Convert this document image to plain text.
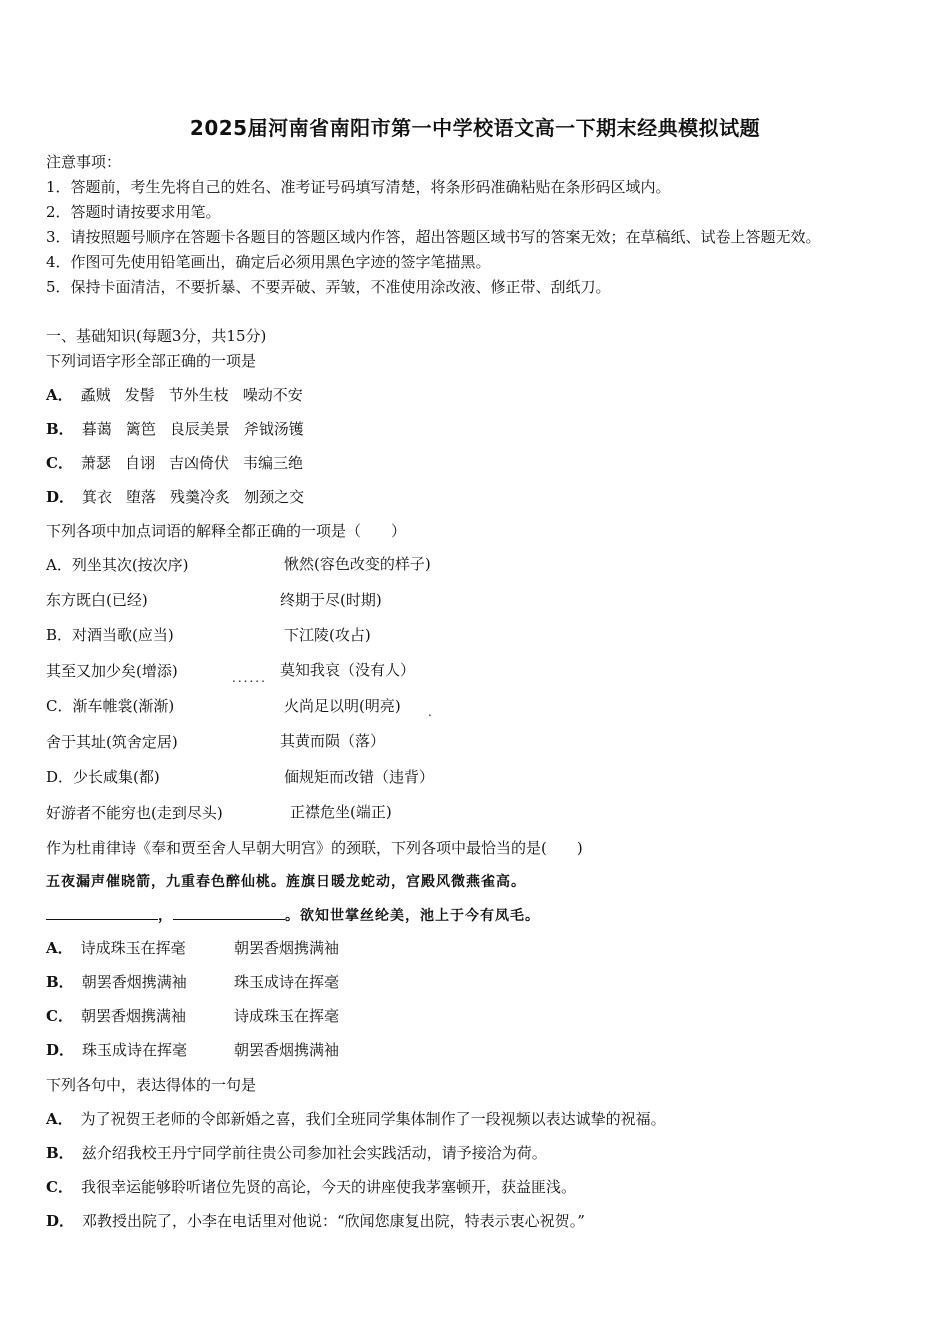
2025届河南省南阳市第一中学校语文高一下期末经典模拟试题
注意事项：
1．答题前，考生先将自己的姓名、准考证号码填写清楚，将条形码准确粘贴在条形码区域内。
2．答题时请按要求用笔。
3．请按照题号顺序在答题卡各题目的答题区域内作答，超出答题区域书写的答案无效；在草稿纸、试卷上答题无效。
4．作图可先使用铅笔画出，确定后必须用黑色字迹的签字笔描黑。
5．保持卡面清洁，不要折暴、不要弄破、弄皱，不准使用涂改液、修正带、刮纸刀。
一、基础知识(每题3分，共15分)
下列词语字形全部正确的一项是
A． 蟊贼 发髻 节外生枝 噪动不安
B． 暮蔼 篱笆 良辰美景 斧钺汤镬
C． 萧瑟 自诩 吉凶倚伏 韦编三绝
D． 箕衣 堕落 残羹冷炙 刎颈之交
下列各项中加点词语的解释全都正确的一项是（　　）
A．列坐其次(按次序)	愀然(容色改变的样子)
东方既白(已经)	终期于尽(时期)
B．对酒当歌(应当)	下江陵(攻占)
其至又加少矣(增添)	...... 莫知我哀（没有人）
C．渐车帷裳(渐渐)	火尚足以明(明亮) .
舍于其址(筑舍定居)	其黄而陨（落）
D．少长咸集(都)	偭规矩而改错（违背）
好游者不能穷也(走到尽头)	正襟危坐(端正)
作为杜甫律诗《奉和贾至舍人早朝大明宫》的颈联，下列各项中最恰当的是(　　)
五夜漏声催晓箭，九重春色醉仙桃。旌旗日暖龙蛇动，宫殿风微燕雀高。
，	。欲知世掌丝纶美，池上于今有凤毛。
A． 诗成珠玉在挥毫	朝罢香烟携满袖
B． 朝罢香烟携满袖	珠玉成诗在挥毫
C． 朝罢香烟携满袖	诗成珠玉在挥毫
D． 珠玉成诗在挥毫	朝罢香烟携满袖
下列各句中，表达得体的一句是
A． 为了祝贺王老师的令郎新婚之喜，我们全班同学集体制作了一段视频以表达诚挚的祝福。
B． 兹介绍我校王丹宁同学前往贵公司参加社会实践活动，请予接洽为荷。
C． 我很幸运能够聆听诸位先贤的高论，今天的讲座使我茅塞顿开，获益匪浅。
D． 邓教授出院了，小李在电话里对他说：“欣闻您康复出院，特表示衷心祝贺。”
